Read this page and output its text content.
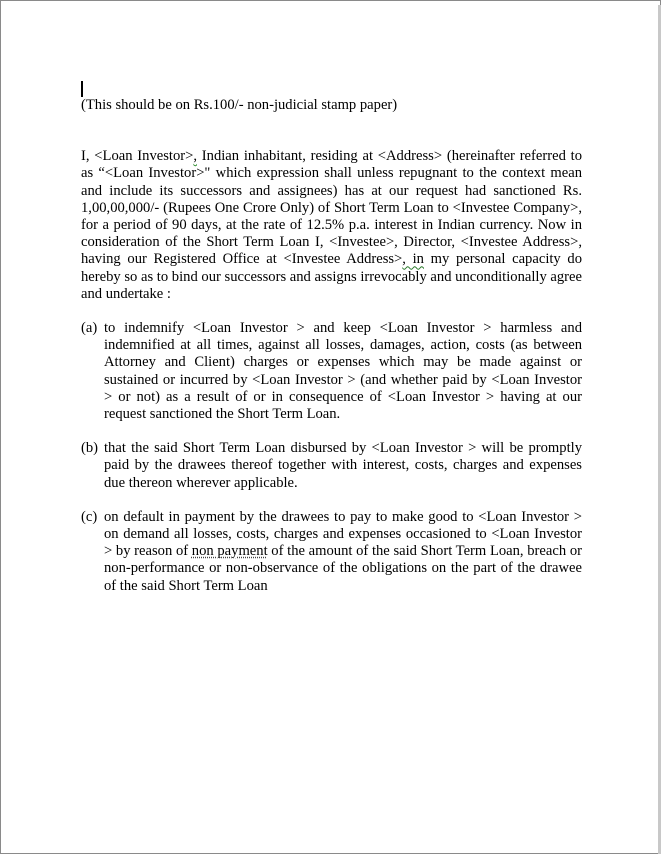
(This should be on Rs.100/- non-judicial stamp paper)

I, <Loan Investor>, Indian inhabitant, residing at <Address> (hereinafter referred to as “<Loan Investor>" which expression shall unless repugnant to the context mean and include its successors and assignees) has at our request had sanctioned Rs. 1,00,00,000/- (Rupees One Crore Only) of Short Term Loan to <Investee Company>, for a period of 90 days, at the rate of 12.5% p.a. interest in Indian currency. Now in consideration of the Short Term Loan I, <Investee>, Director, <Investee Address>, having our Registered Office at <Investee Address>, in my personal capacity do hereby so as to bind our successors and assigns irrevocably and unconditionally agree and undertake :

(a) to indemnify <Loan Investor > and keep <Loan Investor > harmless and indemnified at all times, against all losses, damages, action, costs (as between Attorney and Client) charges or expenses which may be made against or sustained or incurred by <Loan Investor > (and whether paid by <Loan Investor > or not) as a result of or in consequence of <Loan Investor > having at our request sanctioned the Short Term Loan.
(b) that the said Short Term Loan disbursed by <Loan Investor > will be promptly paid by the drawees thereof together with interest, costs, charges and expenses due thereon wherever applicable.
(c) on default in payment by the drawees to pay to make good to <Loan Investor > on demand all losses, costs, charges and expenses occasioned to <Loan Investor > by reason of non payment of the amount of the said Short Term Loan, breach or non-performance or non-observance of the obligations on the part of the drawee of the said Short Term Loan
